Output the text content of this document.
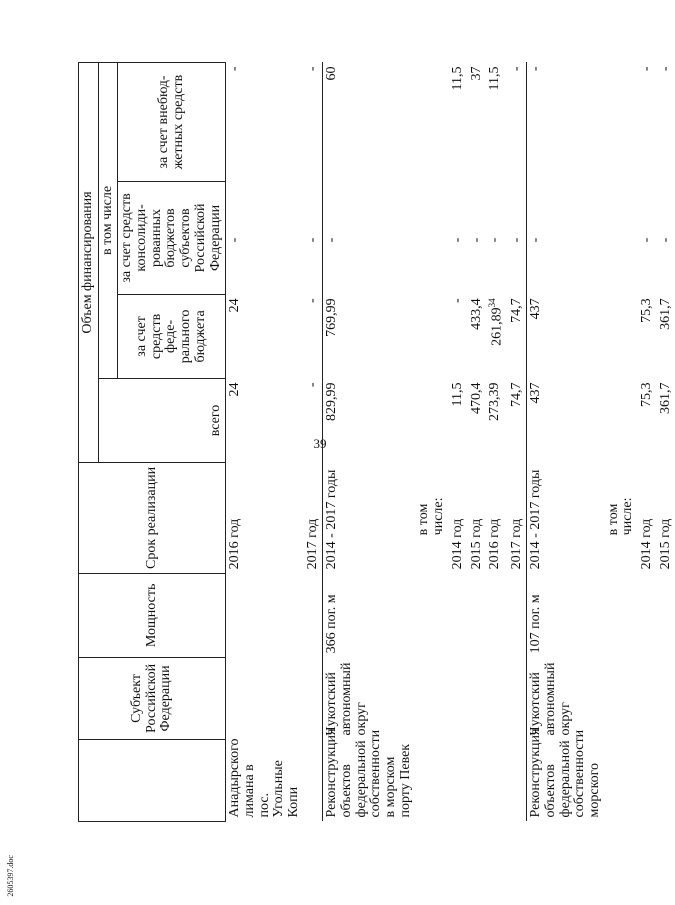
39
	Субъект Российской Федерации	Мощность	Срок реализации	Объем финансирования			
				всего	в том числе		
					за счет средств феде-рального бюджета	за счет средств консолиди-рованных бюджетов субъектов Российской Федерации	за счет внебюд-жетных средств
Анадырского лимана в пос. Угольные Копи			2016 год	24	24	-	-
			2017 год	-	-	-	-
Реконструкция объектов федеральной собственности в морском порту Певек	Чукотский автономный округ	366 пог. м	2014 - 2017 годы	829,99	769,99	-	60
			в том числе:				
			2014 год	11,5	-	-	11,5
			2015 год	470,4	433,4	-	37
			2016 год	273,39	261,89$^{34}$	-	11,5
			2017 год	74,7	74,7	-	-
Реконструкция объектов федеральной собственности морского	Чукотский автономный округ	107 пог. м	2014 - 2017 годы	437	437	-	-
			в том числе:				
			2014 год	75,3	75,3	-	-
			2015 год	361,7	361,7	-	-
2605397.doc
